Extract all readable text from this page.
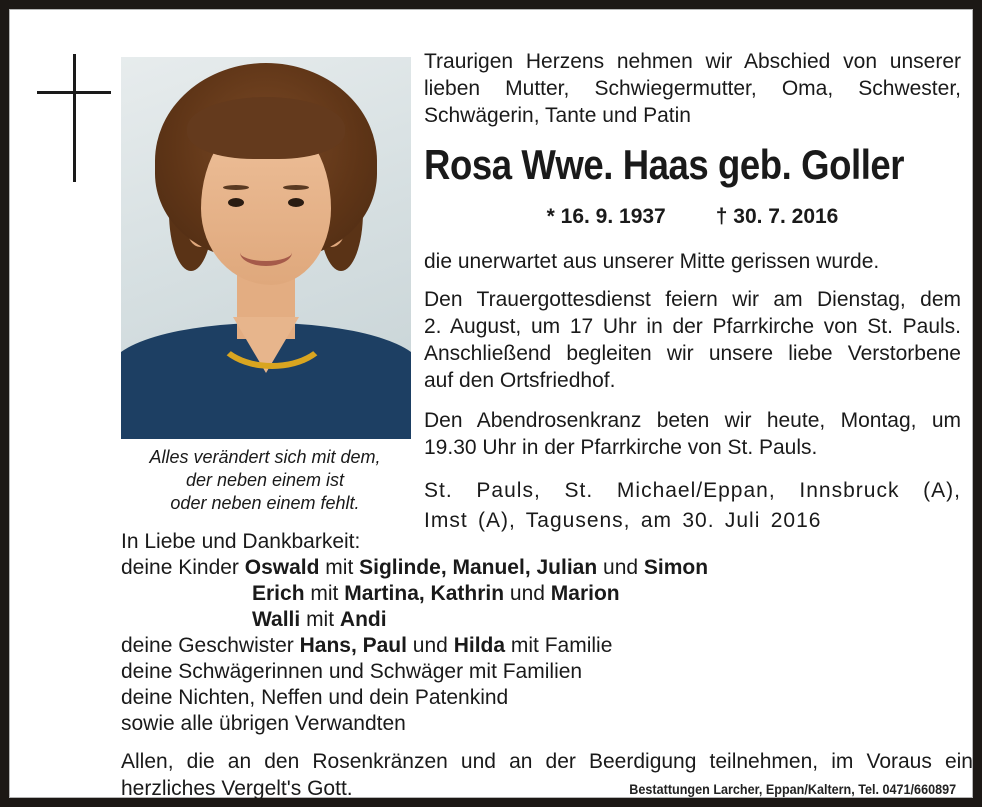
Alles verändert sich mit dem,
der neben einem ist
oder neben einem fehlt.
Traurigen Herzens nehmen wir Abschied von unserer
lieben Mutter, Schwiegermutter, Oma, Schwester,
Schwägerin, Tante und Patin
Rosa Wwe. Haas geb. Goller
* 16. 9. 1937 † 30. 7. 2016
die unerwartet aus unserer Mitte gerissen wurde.
Den Trauergottesdienst feiern wir am Dienstag, dem
2. August, um 17 Uhr in der Pfarrkirche von St. Pauls.
Anschließend begleiten wir unsere liebe Verstorbene
auf den Ortsfriedhof.
Den Abendrosenkranz beten wir heute, Montag, um
19.30 Uhr in der Pfarrkirche von St. Pauls.
St. Pauls, St. Michael/Eppan, Innsbruck (A),
Imst (A), Tagusens, am 30. Juli 2016
In Liebe und Dankbarkeit:
deine Kinder Oswald mit Siglinde, Manuel, Julian und Simon
Erich mit Martina, Kathrin und Marion
Walli mit Andi
deine Geschwister Hans, Paul und Hilda mit Familie
deine Schwägerinnen und Schwäger mit Familien
deine Nichten, Neffen und dein Patenkind
sowie alle übrigen Verwandten
Allen, die an den Rosenkränzen und an der Beerdigung teilnehmen, im Voraus ein
herzliches Vergelt's Gott.	Bestattungen Larcher, Eppan/Kaltern, Tel. 0471/660897
